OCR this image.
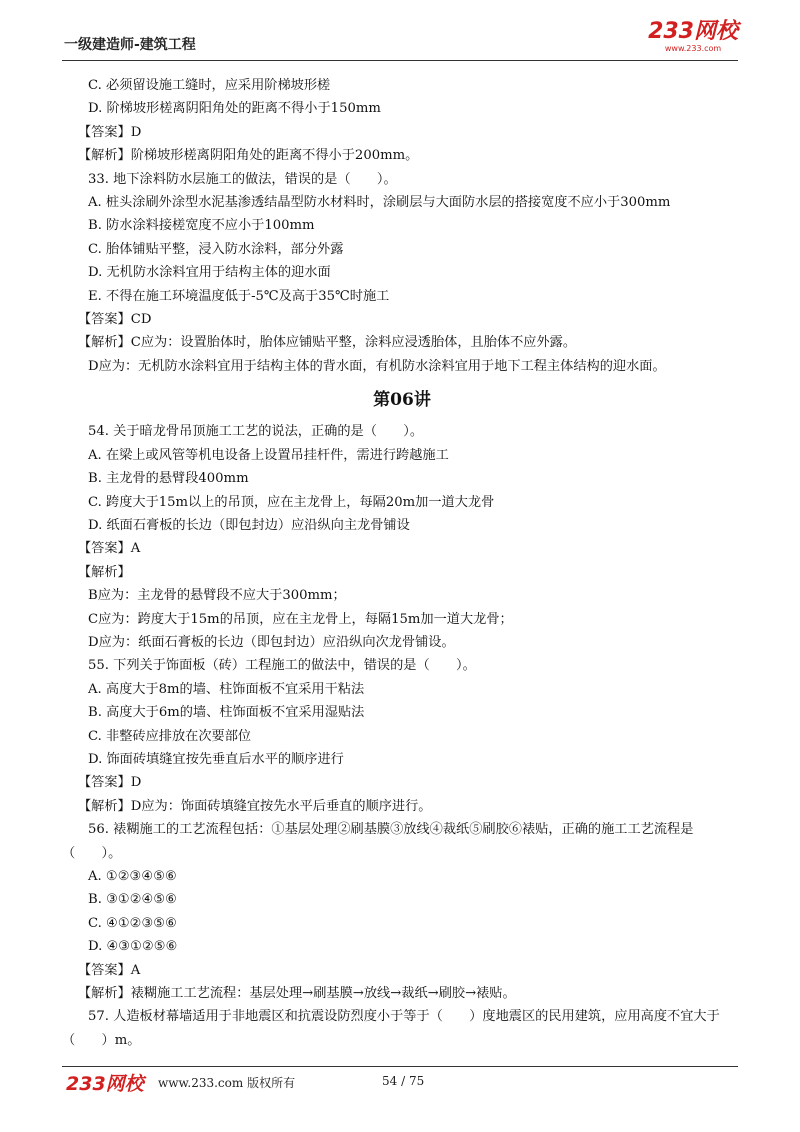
一级建造师-建筑工程
233网校
www.233.com
C. 必须留设施工缝时，应采用阶梯坡形槎
D. 阶梯坡形槎离阴阳角处的距离不得小于150mm
【答案】D
【解析】阶梯坡形槎离阴阳角处的距离不得小于200mm。
33. 地下涂料防水层施工的做法，错误的是（　　）。
A. 桩头涂刷外涂型水泥基渗透结晶型防水材料时，涂刷层与大面防水层的搭接宽度不应小于300mm
B. 防水涂料接槎宽度不应小于100mm
C. 胎体铺贴平整，浸入防水涂料，部分外露
D. 无机防水涂料宜用于结构主体的迎水面
E. 不得在施工环境温度低于-5℃及高于35℃时施工
【答案】CD
【解析】C应为：设置胎体时，胎体应铺贴平整，涂料应浸透胎体，且胎体不应外露。
D应为：无机防水涂料宜用于结构主体的背水面，有机防水涂料宜用于地下工程主体结构的迎水面。
第06讲
54. 关于暗龙骨吊顶施工工艺的说法，正确的是（　　）。
A. 在梁上或风管等机电设备上设置吊挂杆件，需进行跨越施工
B. 主龙骨的悬臂段400mm
C. 跨度大于15m以上的吊顶，应在主龙骨上，每隔20m加一道大龙骨
D. 纸面石膏板的长边（即包封边）应沿纵向主龙骨铺设
【答案】A
【解析】
B应为：主龙骨的悬臂段不应大于300mm；
C应为：跨度大于15m的吊顶，应在主龙骨上，每隔15m加一道大龙骨；
D应为：纸面石膏板的长边（即包封边）应沿纵向次龙骨铺设。
55. 下列关于饰面板（砖）工程施工的做法中，错误的是（　　）。
A. 高度大于8m的墙、柱饰面板不宜采用干粘法
B. 高度大于6m的墙、柱饰面板不宜采用湿贴法
C. 非整砖应排放在次要部位
D. 饰面砖填缝宜按先垂直后水平的顺序进行
【答案】D
【解析】D应为：饰面砖填缝宜按先水平后垂直的顺序进行。
56. 裱糊施工的工艺流程包括：①基层处理②刷基膜③放线④裁纸⑤刷胶⑥裱贴，正确的施工工艺流程是（　　）。
A. ①②③④⑤⑥
B. ③①②④⑤⑥
C. ④①②③⑤⑥
D. ④③①②⑤⑥
【答案】A
【解析】裱糊施工工艺流程：基层处理→刷基膜→放线→裁纸→刷胶→裱贴。
57. 人造板材幕墙适用于非地震区和抗震设防烈度小于等于（　　）度地震区的民用建筑，应用高度不宜大于（　　）m。
233网校 www.233.com 版权所有	54 / 75
